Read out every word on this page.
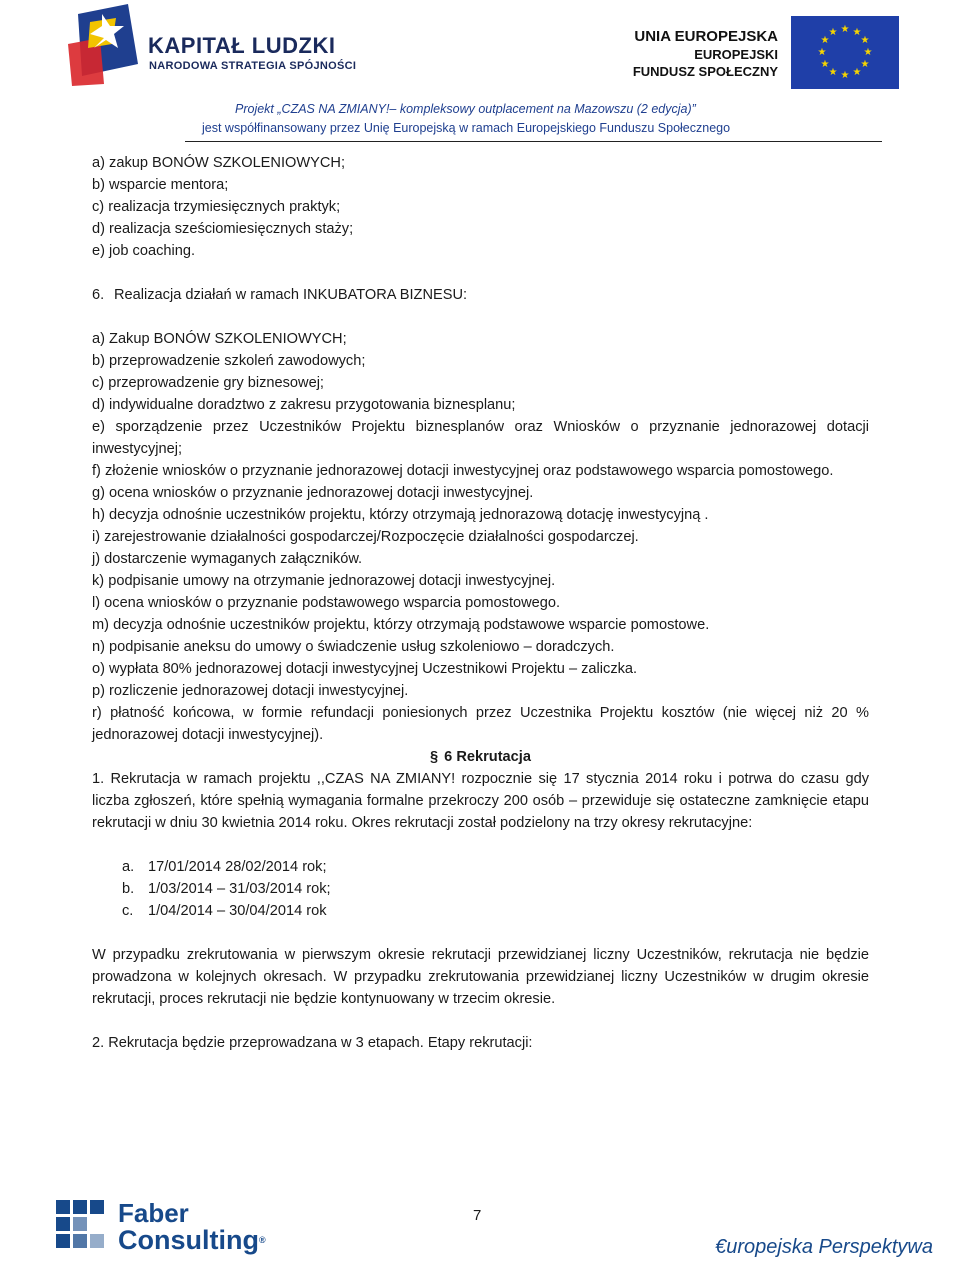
KAPITAŁ LUDZKI
NARODOWA STRATEGIA SPÓJNOŚCI
UNIA EUROPEJSKA
EUROPEJSKI
FUNDUSZ SPOŁECZNY
★ ★
★
★
★
★
★
★
★
★
★
★
Projekt „CZAS NA ZMIANY!– kompleksowy outplacement na Mazowszu (2 edycja)”
jest współfinansowany przez Unię Europejską w ramach Europejskiego Funduszu Społecznego

a) zakup BONÓW SZKOLENIOWYCH;

b) wsparcie mentora;

c) realizacja trzymiesięcznych praktyk;

d) realizacja sześciomiesięcznych staży;

e) job coaching.

6. Realizacja działań w ramach INKUBATORA BIZNESU:

a) Zakup BONÓW SZKOLENIOWYCH;

b) przeprowadzenie szkoleń zawodowych;

c) przeprowadzenie gry biznesowej;

d) indywidualne doradztwo z zakresu przygotowania biznesplanu;

e) sporządzenie przez Uczestników Projektu biznesplanów oraz Wniosków o przyznanie jednorazowej dotacji inwestycyjnej;

f) złożenie wniosków o przyznanie jednorazowej dotacji inwestycyjnej oraz podstawowego wsparcia pomostowego.

g) ocena wniosków o przyznanie jednorazowej dotacji inwestycyjnej.

h) decyzja odnośnie uczestników projektu, którzy otrzymają jednorazową dotację inwestycyjną .

i) zarejestrowanie działalności gospodarczej/Rozpoczęcie działalności gospodarczej.

j) dostarczenie wymaganych załączników.

k) podpisanie umowy na otrzymanie jednorazowej dotacji inwestycyjnej.

l) ocena wniosków o przyznanie podstawowego wsparcia pomostowego.

m) decyzja odnośnie uczestników projektu, którzy otrzymają podstawowe wsparcie pomostowe.

n) podpisanie aneksu do umowy o świadczenie usług szkoleniowo – doradczych.

o) wypłata 80% jednorazowej dotacji inwestycyjnej Uczestnikowi Projektu – zaliczka.

p) rozliczenie jednorazowej dotacji inwestycyjnej.

r) płatność końcowa, w formie refundacji poniesionych przez Uczestnika Projektu kosztów (nie więcej niż 20 % jednorazowej dotacji inwestycyjnej).

§ 6 Rekrutacja

1. Rekrutacja w ramach projektu ,,CZAS NA ZMIANY! rozpocznie się 17 stycznia 2014 roku i potrwa do czasu gdy liczba zgłoszeń, które spełnią wymagania formalne przekroczy 200 osób – przewiduje się ostateczne zamknięcie etapu rekrutacji w dniu 30 kwietnia 2014 roku. Okres rekrutacji został podzielony na trzy okresy rekrutacyjne:

a. 17/01/2014 28/02/2014 rok;

b. 1/03/2014 – 31/03/2014 rok;

c. 1/04/2014 – 30/04/2014 rok

W przypadku zrekrutowania w pierwszym okresie rekrutacji przewidzianej liczny Uczestników, rekrutacja nie będzie prowadzona w kolejnych okresach. W przypadku zrekrutowania przewidzianej liczny Uczestników w drugim okresie rekrutacji, proces rekrutacji nie będzie kontynuowany w trzecim okresie.

2. Rekrutacja będzie przeprowadzana w 3 etapach. Etapy rekrutacji:

Faber
Consulting®
7
€uropejska Perspektywa
